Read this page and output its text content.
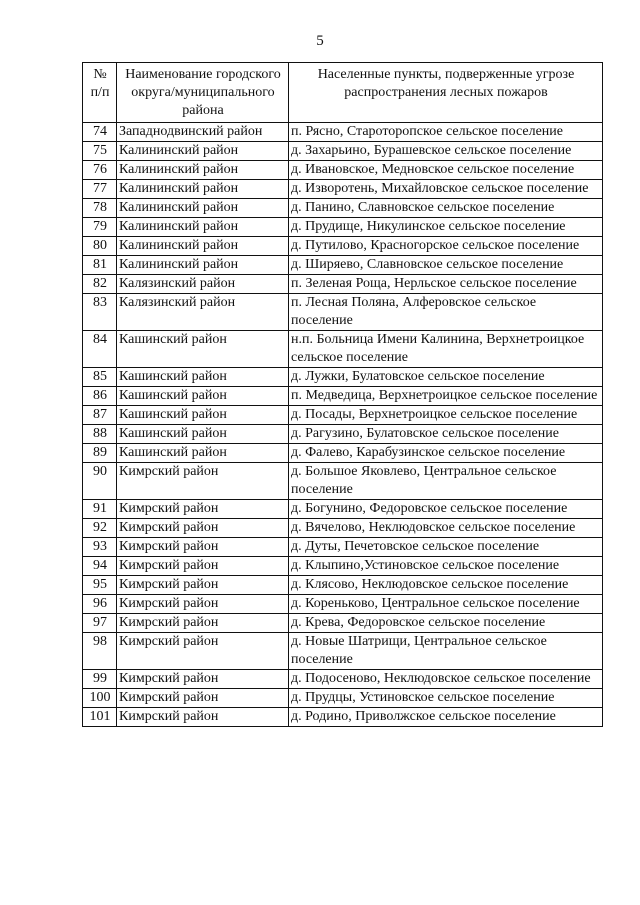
5
№
п/п	Наименование городского округа/муниципального района	Населенные пункты, подверженные угрозе распространения лесных пожаров
74	Западнодвинский район	п. Рясно, Староторопское сельское поселение
75	Калининский район	д. Захарьино, Бурашевское сельское поселение
76	Калининский район	д. Ивановское, Медновское сельское поселение
77	Калининский район	д. Изворотень, Михайловское сельское поселение
78	Калининский район	д. Панино, Славновское сельское поселение
79	Калининский район	д. Прудище, Никулинское сельское поселение
80	Калининский район	д. Путилово, Красногорское сельское поселение
81	Калининский район	д. Ширяево, Славновское сельское поселение
82	Калязинский район	п. Зеленая Роща, Нерльское сельское поселение
83	Калязинский район	п. Лесная Поляна, Алферовское сельское поселение
84	Кашинский район	н.п. Больница Имени Калинина, Верхнетроицкое сельское поселение
85	Кашинский район	д. Лужки, Булатовское сельское поселение
86	Кашинский район	п. Медведица, Верхнетроицкое сельское поселение
87	Кашинский район	д. Посады, Верхнетроицкое сельское поселение
88	Кашинский район	д. Рагузино, Булатовское сельское поселение
89	Кашинский район	д. Фалево, Карабузинское сельское поселение
90	Кимрский район	д. Большое Яковлево, Центральное сельское поселение
91	Кимрский район	д. Богунино, Федоровское сельское поселение
92	Кимрский район	д. Вячелово, Неклюдовское сельское поселение
93	Кимрский район	д. Дуты, Печетовское сельское поселение
94	Кимрский район	д. Клыпино,Устиновское сельское поселение
95	Кимрский район	д. Клясово, Неклюдовское сельское поселение
96	Кимрский район	д. Кореньково, Центральное сельское поселение
97	Кимрский район	д. Крева, Федоровское сельское поселение
98	Кимрский район	д. Новые Шатрищи, Центральное сельское поселение
99	Кимрский район	д. Подосеново, Неклюдовское сельское поселение
100	Кимрский район	д. Прудцы, Устиновское сельское поселение
101	Кимрский район	д. Родино, Приволжское сельское поселение
